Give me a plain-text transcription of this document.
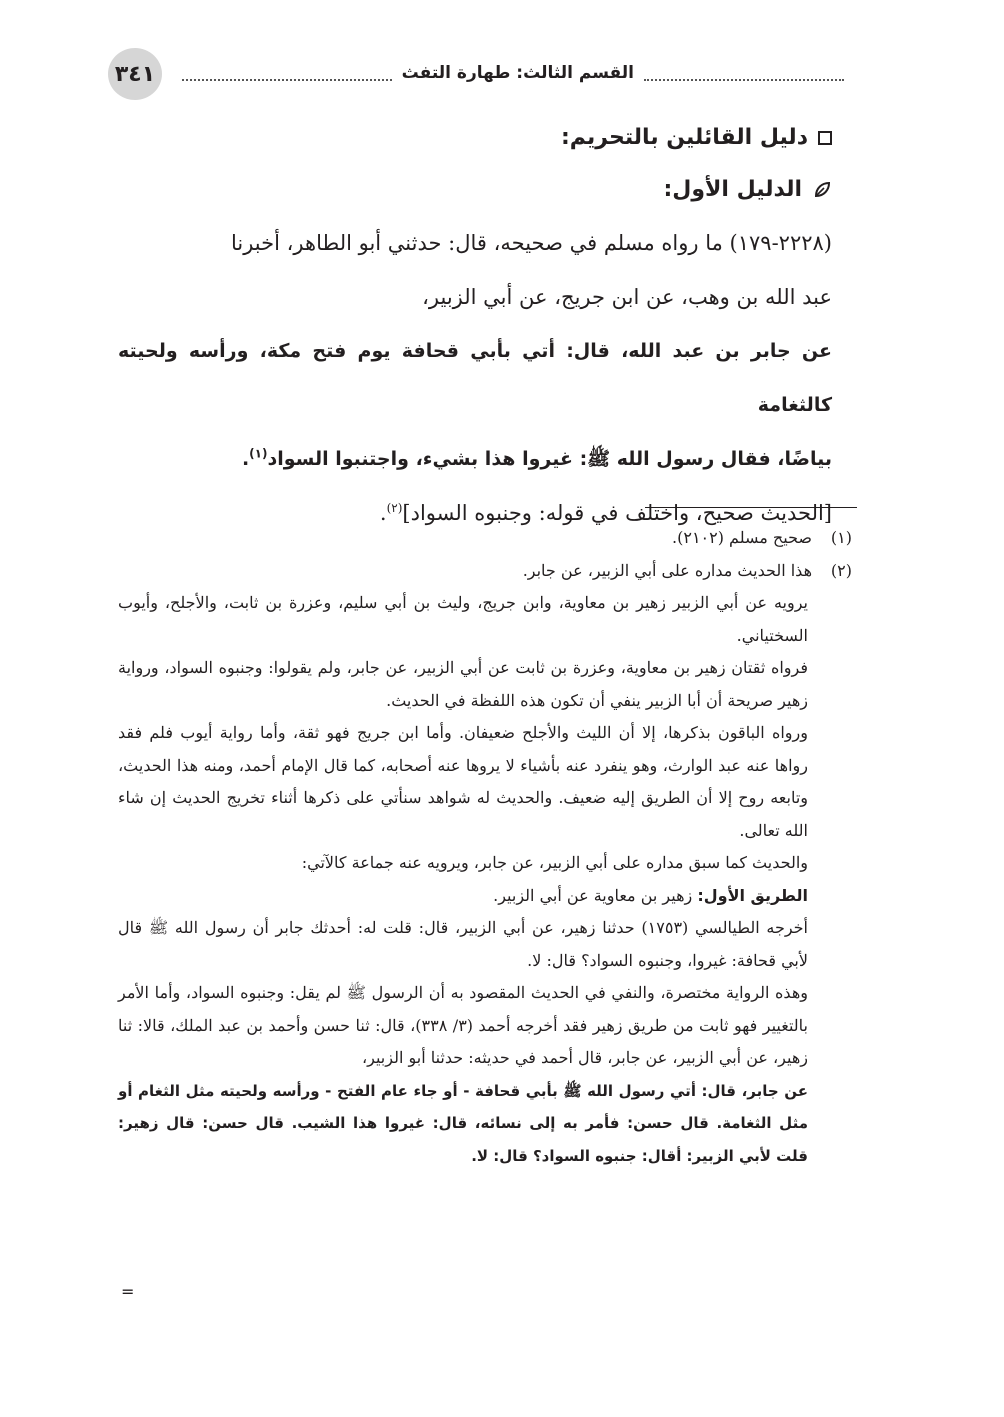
٣٤١	القسم الثالث: طهارة التفث
دليل القائلين بالتحريم:
الدليل الأول:

(٢٢٢٨-١٧٩) ما رواه مسلم في صحيحه، قال: حدثني أبو الطاهر، أخبرنا
عبد الله بن وهب، عن ابن جريج، عن أبي الزبير،

عن جابر بن عبد الله، قال: أتي بأبي قحافة يوم فتح مكة، ورأسه ولحيته كالثغامة
بياضًا، فقال رسول الله ﷺ: غيروا هذا بشيء، واجتنبوا السواد$^{(١)}$.

[الحديث صحيح، واختلف في قوله: وجنبوه السواد]$^{(٢)}$.

(١)صحيح مسلم (٢١٠٢).

(٢)هذا الحديث مداره على أبي الزبير، عن جابر.

يرويه عن أبي الزبير زهير بن معاوية، وابن جريج، وليث بن أبي سليم، وعزرة بن ثابت، والأجلح، وأيوب السختياني.

فرواه ثقتان زهير بن معاوية، وعزرة بن ثابت عن أبي الزبير، عن جابر، ولم يقولوا: وجنبوه السواد، ورواية زهير صريحة أن أبا الزبير ينفي أن تكون هذه اللفظة في الحديث.

ورواه الباقون بذكرها، إلا أن الليث والأجلح ضعيفان. وأما ابن جريج فهو ثقة، وأما رواية أيوب فلم فقد رواها عنه عبد الوارث، وهو ينفرد عنه بأشياء لا يروها عنه أصحابه، كما قال الإمام أحمد، ومنه هذا الحديث، وتابعه روح إلا أن الطريق إليه ضعيف. والحديث له شواهد سنأتي على ذكرها أثناء تخريج الحديث إن شاء الله تعالى.

والحديث كما سبق مداره على أبي الزبير، عن جابر، ويرويه عنه جماعة كالآتي:

الطريق الأول: زهير بن معاوية عن أبي الزبير.

أخرجه الطيالسي (١٧٥٣) حدثنا زهير، عن أبي الزبير، قال: قلت له: أحدثك جابر أن رسول الله ﷺ قال لأبي قحافة: غيروا، وجنبوه السواد؟ قال: لا.

وهذه الرواية مختصرة، والنفي في الحديث المقصود به أن الرسول ﷺ لم يقل: وجنبوه السواد، وأما الأمر بالتغيير فهو ثابت من طريق زهير فقد أخرجه أحمد (٣/ ٣٣٨)، قال: ثنا حسن وأحمد بن عبد الملك، قالا: ثنا زهير، عن أبي الزبير، عن جابر، قال أحمد في حديثه: حدثنا أبو الزبير،

عن جابر، قال: أتي رسول الله ﷺ بأبي قحافة - أو جاء عام الفتح - ورأسه ولحيته مثل الثغام أو مثل الثغامة. قال حسن: فأمر به إلى نسائه، قال: غيروا هذا الشيب. قال حسن: قال زهير: قلت لأبي الزبير: أقال: جنبوه السواد؟ قال: لا.

=
